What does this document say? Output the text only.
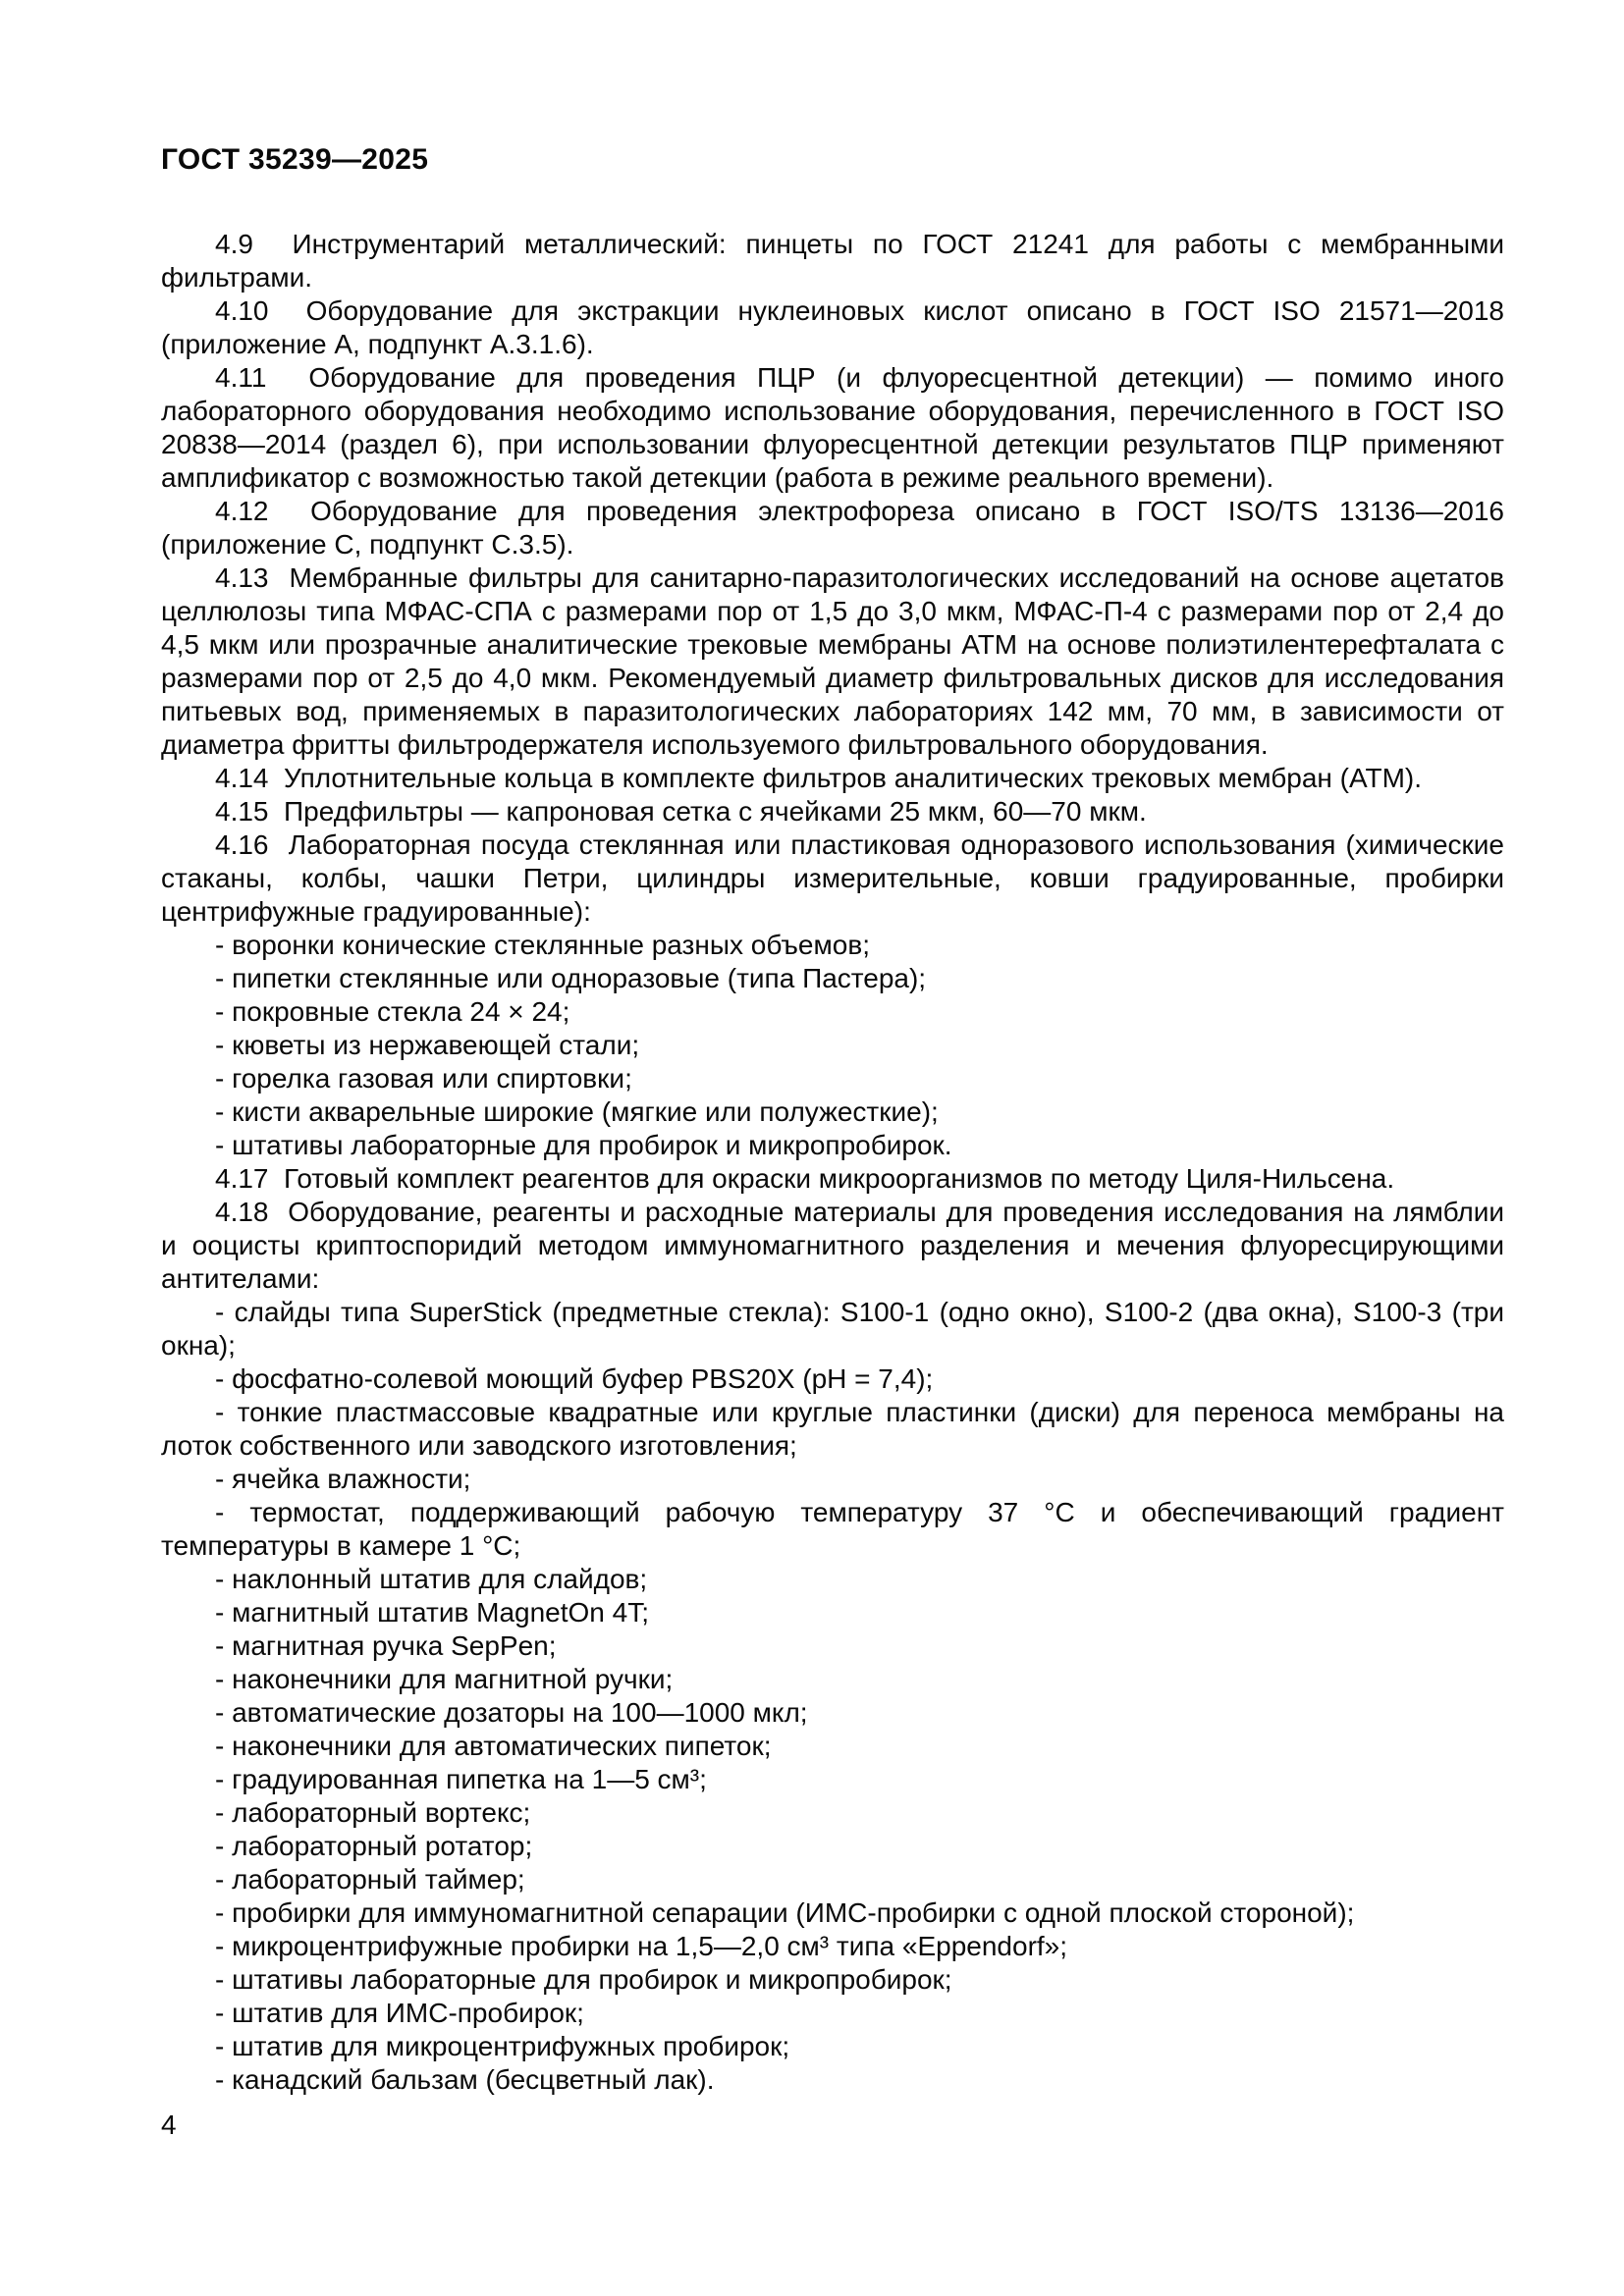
ГОСТ 35239—2025

4.9  Инструментарий металлический: пинцеты по ГОСТ 21241 для работы с мембранными фильтрами.

4.10  Оборудование для экстракции нуклеиновых кислот описано в ГОСТ ISO 21571—2018 (приложение А, подпункт А.3.1.6).

4.11  Оборудование для проведения ПЦР (и флуоресцентной детекции) — помимо иного лабораторного оборудования необходимо использование оборудования, перечисленного в ГОСТ ISO 20838—2014 (раздел 6), при использовании флуоресцентной детекции результатов ПЦР применяют амплификатор с возможностью такой детекции (работа в режиме реального времени).

4.12  Оборудование для проведения электрофореза описано в ГОСТ ISO/TS 13136—2016 (приложение С, подпункт С.3.5).

4.13  Мембранные фильтры для санитарно-паразитологических исследований на основе ацетатов целлюлозы типа МФАС-СПА с размерами пор от 1,5 до 3,0 мкм, МФАС-П-4 с размерами пор от 2,4 до 4,5 мкм или прозрачные аналитические трековые мембраны АТМ на основе полиэтилентерефталата с размерами пор от 2,5 до 4,0 мкм. Рекомендуемый диаметр фильтровальных дисков для исследования питьевых вод, применяемых в паразитологических лабораториях 142 мм, 70 мм, в зависимости от диаметра фритты фильтродержателя используемого фильтровального оборудования.

4.14  Уплотнительные кольца в комплекте фильтров аналитических трековых мембран (АТМ).

4.15  Предфильтры — капроновая сетка с ячейками 25 мкм, 60—70 мкм.

4.16  Лабораторная посуда стеклянная или пластиковая одноразового использования (химические стаканы, колбы, чашки Петри, цилиндры измерительные, ковши градуированные, пробирки центрифужные градуированные):

- воронки конические стеклянные разных объемов;

- пипетки стеклянные или одноразовые (типа Пастера);

- покровные стекла 24 × 24;

- кюветы из нержавеющей стали;

- горелка газовая или спиртовки;

- кисти акварельные широкие (мягкие или полужесткие);

- штативы лабораторные для пробирок и микропробирок.

4.17  Готовый комплект реагентов для окраски микроорганизмов по методу Циля-Нильсена.

4.18  Оборудование, реагенты и расходные материалы для проведения исследования на лямблии и ооцисты криптоспоридий методом иммуномагнитного разделения и мечения флуоресцирующими антителами:

- слайды типа SuperStick (предметные стекла): S100-1 (одно окно), S100-2 (два окна), S100-3 (три окна);

- фосфатно-солевой моющий буфер PBS20X (pH = 7,4);

- тонкие пластмассовые квадратные или круглые пластинки (диски) для переноса мембраны на лоток собственного или заводского изготовления;

- ячейка влажности;

- термостат, поддерживающий рабочую температуру 37 °С и обеспечивающий градиент температуры в камере 1 °С;

- наклонный штатив для слайдов;

- магнитный штатив MagnetOn 4T;

- магнитная ручка SepPen;

- наконечники для магнитной ручки;

- автоматические дозаторы на 100—1000 мкл;

- наконечники для автоматических пипеток;

- градуированная пипетка на 1—5 см³;

- лабораторный вортекс;

- лабораторный ротатор;

- лабораторный таймер;

- пробирки для иммуномагнитной сепарации (ИМС-пробирки с одной плоской стороной);

- микроцентрифужные пробирки на 1,5—2,0 см³ типа «Eppendorf»;

- штативы лабораторные для пробирок и микропробирок;

- штатив для ИМС-пробирок;

- штатив для микроцентрифужных пробирок;

- канадский бальзам (бесцветный лак).

4
